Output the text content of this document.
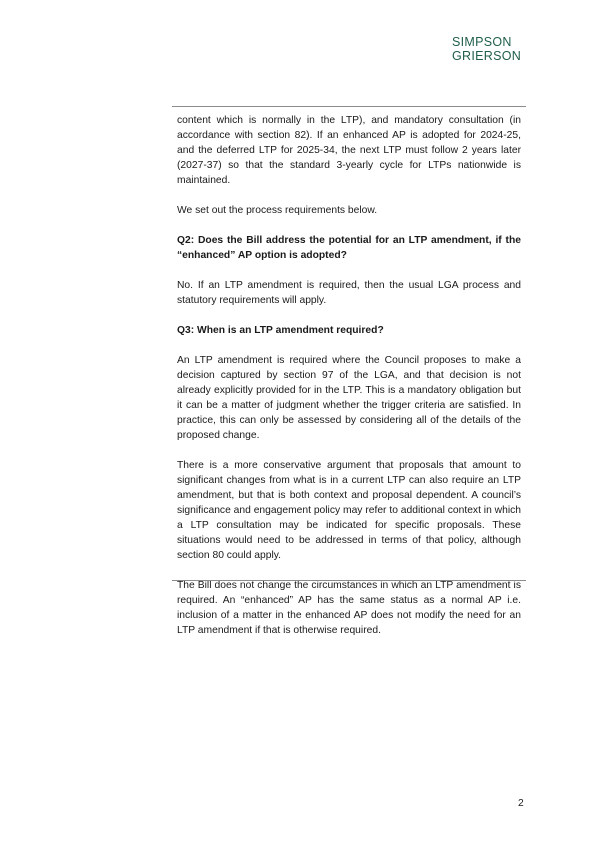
SIMPSON
GRIERSON

content which is normally in the LTP), and mandatory consultation (in accordance with section 82). If an enhanced AP is adopted for 2024-25, and the deferred LTP for 2025-34, the next LTP must follow 2 years later (2027-37) so that the standard 3-yearly cycle for LTPs nationwide is maintained.

We set out the process requirements below.

Q2: Does the Bill address the potential for an LTP amendment, if the “enhanced” AP option is adopted?

No. If an LTP amendment is required, then the usual LGA process and statutory requirements will apply.

Q3: When is an LTP amendment required?

An LTP amendment is required where the Council proposes to make a decision captured by section 97 of the LGA, and that decision is not already explicitly provided for in the LTP. This is a mandatory obligation but it can be a matter of judgment whether the trigger criteria are satisfied. In practice, this can only be assessed by considering all of the details of the proposed change.

There is a more conservative argument that proposals that amount to significant changes from what is in a current LTP can also require an LTP amendment, but that is both context and proposal dependent. A council’s significance and engagement policy may refer to additional context in which a LTP consultation may be indicated for specific proposals. These situations would need to be addressed in terms of that policy, although section 80 could apply.

The Bill does not change the circumstances in which an LTP amendment is required. An “enhanced” AP has the same status as a normal AP i.e. inclusion of a matter in the enhanced AP does not modify the need for an LTP amendment if that is otherwise required.

2
